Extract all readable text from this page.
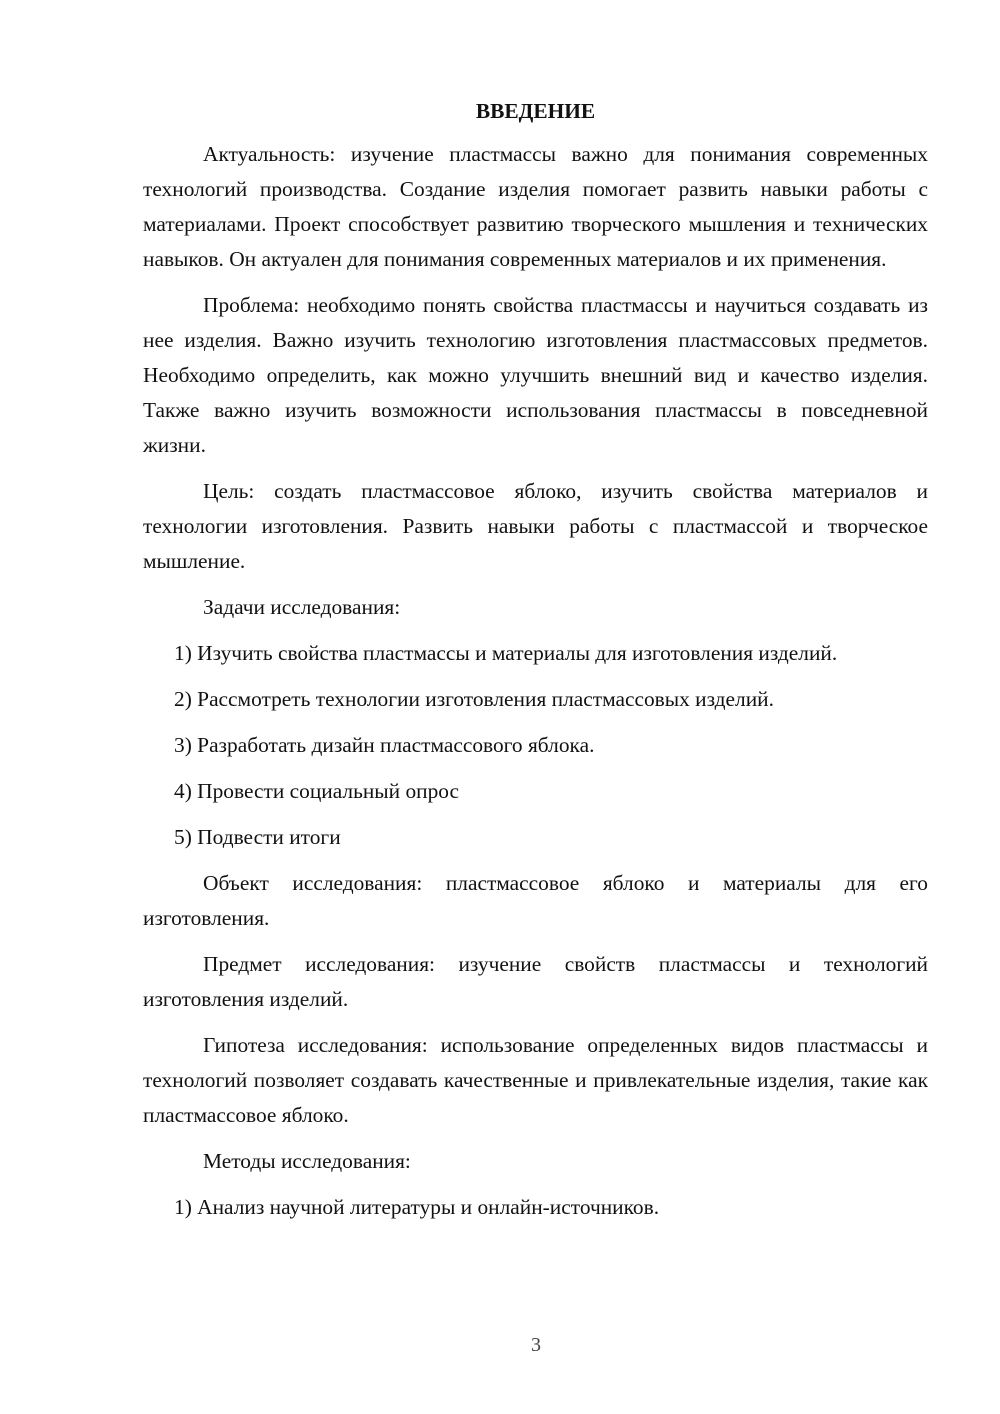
ВВЕДЕНИЕ

Актуальность: изучение пластмассы важно для понимания современных технологий производства. Создание изделия помогает развить навыки работы с материалами. Проект способствует развитию творческого мышления и технических навыков. Он актуален для понимания современных материалов и их применения.

Проблема: необходимо понять свойства пластмассы и научиться создавать из нее изделия. Важно изучить технологию изготовления пластмассовых предметов. Необходимо определить, как можно улучшить внешний вид и качество изделия. Также важно изучить возможности использования пластмассы в повседневной жизни.

Цель: создать пластмассовое яблоко, изучить свойства материалов и технологии изготовления. Развить навыки работы с пластмассой и творческое мышление.

Задачи исследования:

1) Изучить свойства пластмассы и материалы для изготовления изделий.

2) Рассмотреть технологии изготовления пластмассовых изделий.

3) Разработать дизайн пластмассового яблока.

4) Провести социальный опрос

5) Подвести итоги

Объект исследования: пластмассовое яблоко и материалы для его изготовления.

Предмет исследования: изучение свойств пластмассы и технологий изготовления изделий.

Гипотеза исследования: использование определенных видов пластмассы и технологий позволяет создавать качественные и привлекательные изделия, такие как пластмассовое яблоко.

Методы исследования:

1) Анализ научной литературы и онлайн-источников.

3
